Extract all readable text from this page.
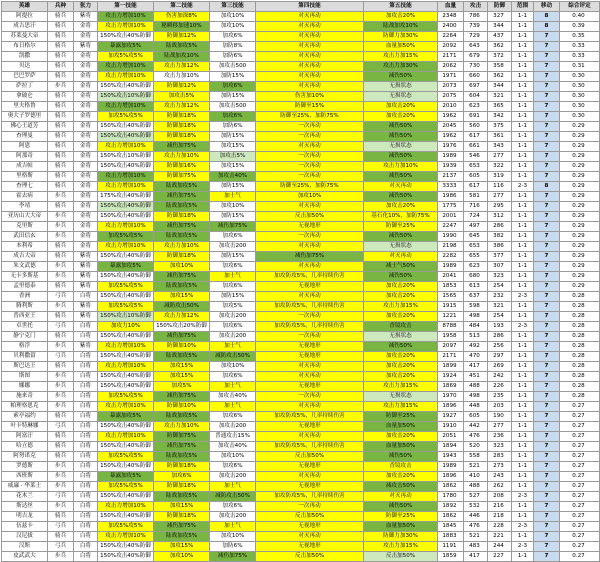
英雄	兵种	张力	第一技能	第二技能	第三技能	第四技能	第五技能	血量	攻击	防御	范围	移动	综合评定
阿提拉	骑兵	紫将	攻击力增加10%	伤害加深8%	加攻10%	对灭再动	加攻击20%	2348	786	327	1-1	8	0.40
成吉思汗	骑兵	金将	攻击力增加10%	秘瞬移加速10%	加攻10%	对灭再动	陆战加攻10%	2400	739	344	1-1	8	0.39
苏莱曼大帝	骑兵	金将	150%攻击40%防御	防御加12%	加攻6%	对灭再动	防御力加30%	2264	729	437	1-1	7	0.35
布日格尔	骑兵	紫将	暴露加攻5%	陆战加攻5%	加防8%	对灭再动	血量加50%	2092	643	362	1-1	7	0.33
凯撒	骑兵	金将	加攻5%攻5%	陆战加攻10%	加防6%	对灭再动	攻击力加15%	2171	679	372	1-1	7	0.33
贝达	骑兵	金将	攻击力增加10%	攻击力加12%	加攻击500	对灭再动	攻击力加30%	2062	730	358	1-1	7	0.31
巴巴罗萨	骑兵	金将	攻击力增加10%	攻击力加10%	加防15%	对灭再动	减伤50%	1971	660	362	1-1	7	0.30
萨拉丁	步兵	金将	150%攻击40%防御	防御加12%	加攻6%	对灭再动	无损状态	2073	697	344	1-1	7	0.30
拿破仑	骑兵	金将	150%攻击10%防御	加攻击5%	加防15%	伤害加10%	无损状态	2075	604	321	1-1	7	0.30
里夫格鲁	骑兵	金将	攻击力增加10%	攻击力加12%	加攻击500	防御至15%	加攻击20%	2010	623	365	1-1	7	0.30
奥大子罗德里	骑兵	金将	加攻5%攻5%	防御加18%	加攻6%	防御至25%，加防75%	加攻击20%	1962	691	342	1-1	7	0.30
佛心王道芳	骑兵	金将	150%攻击40%防御	防御加18%	加防6%	一次再动	减伤50%	2045	560	375	1-1	7	0.29
查理曼	骑兵	金将	150%攻击40%防御	防御加18%	加防15%	一次再动	减伤50%	1962	617	361	1-1	7	0.29
阿恩	骑兵	金将	攻击力增加10%	减伤加75%	加攻15%	对灭再动	无损状态	1976	661	343	1-1	7	0.29
阿那奇	骑兵	金将	150%攻击10%防御	攻击力加10%	加攻击5%	一次再动	减伤50%	1989	546	277	1-1	7	0.29
成吉帖	骑兵	金将	150%攻击40%防御	防御加16%	加攻15%	一次再动	攻击力加10%	1939	653	322	1-1	7	0.29
里格斯	骑兵	金将	攻击力增加10%	防御加75%	加攻击40%	一次再动	减伤50%	2137	605	319	1-1	7	0.29
查理七	骑兵	金将	攻击力增加10%	陆战加攻5%	加防15%	防御至25%，加防75%	对灭再动	3333	617	116	2-3	8	0.29
霍去病	步兵	金将	175%攻击40%防御	减伤加75%	加士气	加攻10%	减伤50%	1986	581	277	1-1	7	0.29
李靖	骑兵	金将	150%攻击40%防御	陆战加攻5%	加攻10%	对灭再动	加攻击20%	1775	716	295	1-1	7	0.29
亚历山大大帝	步兵	金将	150%攻击40%防御	防御加18%	加防15%	反击加50%	基石化10%，加防75%	2001	724	312	1-1	7	0.29
克里斯	步兵	金将	攻击力增加10%	减伤加75%	减伤加75%	无视地形	防御至25%	2247	497	286	1-1	7	0.29
武田信玄	步兵	金将	加攻5%攻5%	陆战加攻5%	加攻6%	一次再动	减伤50%	1990	645	382	1-1	7	0.29
本利希	骑兵	金将	攻击力增加10%	攻击力加10%	加攻击200	对灭再动	无损状态	2198	653	386	1-1	7	0.29
成吉大帝	骑兵	紫将	150%攻击40%防御	防御加18%	加防15%	减伤加75%	对灭再动	2282	655	377	1-1	7	0.29
朱文武德	步兵	紫将	暴露加攻5%	加攻10%	加攻6%	对灭再动	减士气50%	1989	623	307	1-1	7	0.29
无卡多斯基	步兵	紫将	150%攻击40%防御	减伤加75%	加士气	加攻防攻5%，几率持续伤害	减伤50%	2041	680	323	1-1	7	0.29
孟里德泰	骑兵	紫将	加攻5%攻5%	陆战加攻5%	加攻6%	无视地形	加攻击20%	1853	613	254	1-1	7	0.29
香洲	弓兵	白将	150%攻击40%防御	加攻15%	加防15%	对灭再动	加攻击20%	1565	637	232	2-3	7	0.28
腾利斯	步兵	紫将	加攻5%攻5%	减防攻击50%	加攻5%	加攻防攻5%，几率持续伤害	攻击力加15%	1915	598	321	1-1	7	0.28
普西亚王	骑兵	紫将	150%攻击10%防御	攻击力加12%	加攻击200	一次再动	加攻击20%	1221	498	254	1-1	7	0.28
卓世托	弓兵	白将	加攻力10%	150%攻击20%防御	加攻6%	加攻防攻5%，几率持续伤害	香镜攻击	8788	484	193	2-3	7	0.28
静宁克门	骑兵	白将	150%攻击40%防御	减伤加75%	加攻击200	一次再动	无损状态	1958	513	286	1-1	7	0.28
格浮	步兵	紫将	攻击力增加10%	防御加10%	加士气	无视地形	减伤50%	2097	492	256	1-1	7	0.28
贝利撒留	弓兵	白将	150%攻击40%防御	陆战加攻5%	减防攻击50%	无视地形	加攻击20%	2171	470	297	1-1	7	0.28
斯巴达王	骑兵	白将	攻击力增加10%	加攻15%	加攻10%	对灭再动	加攻击20%	1899	417	269	1-1	7	0.28
斯图	步兵	白将	150%攻击40%防御	加攻15%	加攻6%	对灭再动	加攻击20%	1924	451	242	1-1	7	0.28
娜娜	步兵	白将	150%攻击40%防御	加攻5%	加士气	无视地形	攻击力加15%	1869	488	226	1-1	7	0.28
施来奇	步兵	白将	加攻5%攻5%	减伤加75%	加攻击40%	一次再动	无损状态	1970	498	235	1-1	7	0.28
帕理察恩克	步兵	白将	攻击力增加10%	防御加10%	加士气	对灭再动	攻击力加15%	1896	448	203	1-1	7	0.27
索亭福约	骑兵	白将	暴露加攻5%	陆战加攻5%	加攻6%	加攻防攻5%，几率持续伤害	防御至25%	1927	605	190	1-1	7	0.27
叶卡特琳娜	弓兵	白将	150%攻击40%防御	攻击力加10%	加攻击200	无视地形	血量加50%	1910	442	277	1-1	7	0.27
阿富汗	骑兵	白将	攻击力增加10%	防御加75%	普通攻击15%	对灭再动	加攻击20%	2051	476	236	1-1	7	0.27
哈立德	骑兵	白将	150%攻击40%防御	减伤加75%	加攻击40%	加攻防攻5%，几率持续伤害	血量加50%	1894	520	323	1-1	7	0.27
阿努诺克	骑兵	白将	加攻5%攻5%	陆战加攻5%	加攻10%	反击加50%	减伤50%	1943	558	283	1-1	7	0.27
罗德斯	步兵	白将	150%攻击40%防御	防御加18%	加攻6%	无视地形	香镜攻击	1989	521	273	1-1	7	0.27
西班斯	步兵	白将	暴露加攻5%	加攻6%	加攻击200	对灭再动	加攻击20%	1896	410	243	1-1	7	0.27
威廉 · 华莱士	步兵	白将	加攻5%攻5%	防御加18%	加士气	无视地形	减攻击50%	1862	488	262	1-1	7	0.27
花木兰	弓兵	白将	150%攻击40%防御	陆战加攻5%	减防攻击50%	加攻防攻5%，几率持续伤害	对灭再动	1780	527	208	2-3	7	0.27
斯达丝	步兵	白将	攻击力增加10%	加攻15%	加攻6%	一次再动	减伤50%	1892	532	216	1-1	7	0.27
明吉龙	骑兵	白将	150%攻击40%防御	防御加18%	加攻击200	反击加50%	防御至25%	1862	446	218	1-1	7	0.27
伍兹卡	弓兵	白将	加攻5%攻5%	减伤加75%	加士气	无视地形	血量加50%	1845	476	228	2-3	7	0.27
汉尼拔	骑兵	白将	攻击力增加10%	陆战加攻5%	加攻10%	对灭再动	防御力加30%	1883	521	221	1-1	7	0.27
汉斯	弓兵	白将	150%攻击40%防御	加攻15%	加防6%	无视地形	攻击力加15%	1191	483	244	2-3	7	0.27
皮武武大	步兵	白将	150%攻击40%防御	加攻10%	减伤加75%	反击加50%	反击加50%	1859	417	227	1-1	7	0.27
